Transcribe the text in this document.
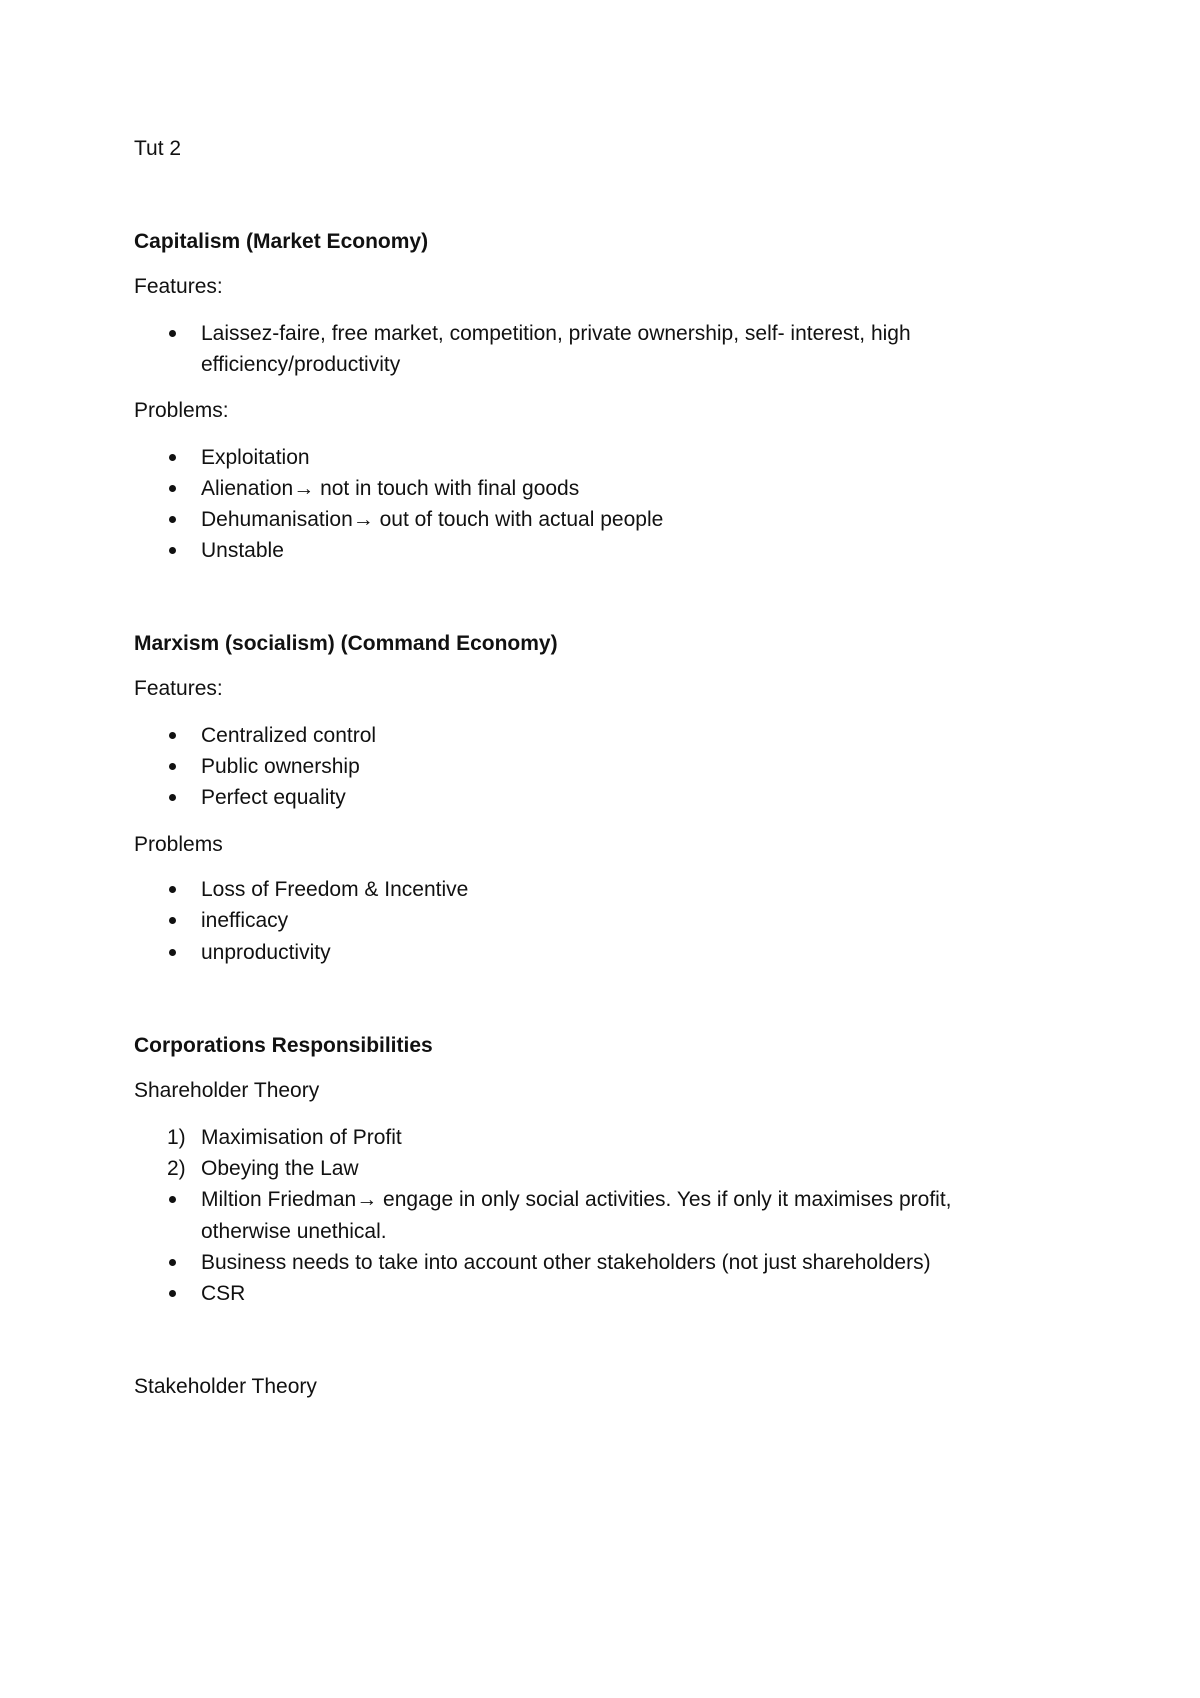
Tut 2
Capitalism (Market Economy)
Features:
Laissez-faire, free market, competition, private ownership, self- interest, high
efficiency/productivity
Problems:
Exploitation
Alienation→ not in touch with final goods
Dehumanisation→ out of touch with actual people
Unstable
Marxism (socialism) (Command Economy)
Features:
Centralized control
Public ownership
Perfect equality
Problems
Loss of Freedom & Incentive
inefficacy
unproductivity
Corporations Responsibilities
Shareholder Theory
1) Maximisation of Profit
2) Obeying the Law
Miltion Friedman→ engage in only social activities. Yes if only it maximises profit,
otherwise unethical.
Business needs to take into account other stakeholders (not just shareholders)
CSR
Stakeholder Theory
